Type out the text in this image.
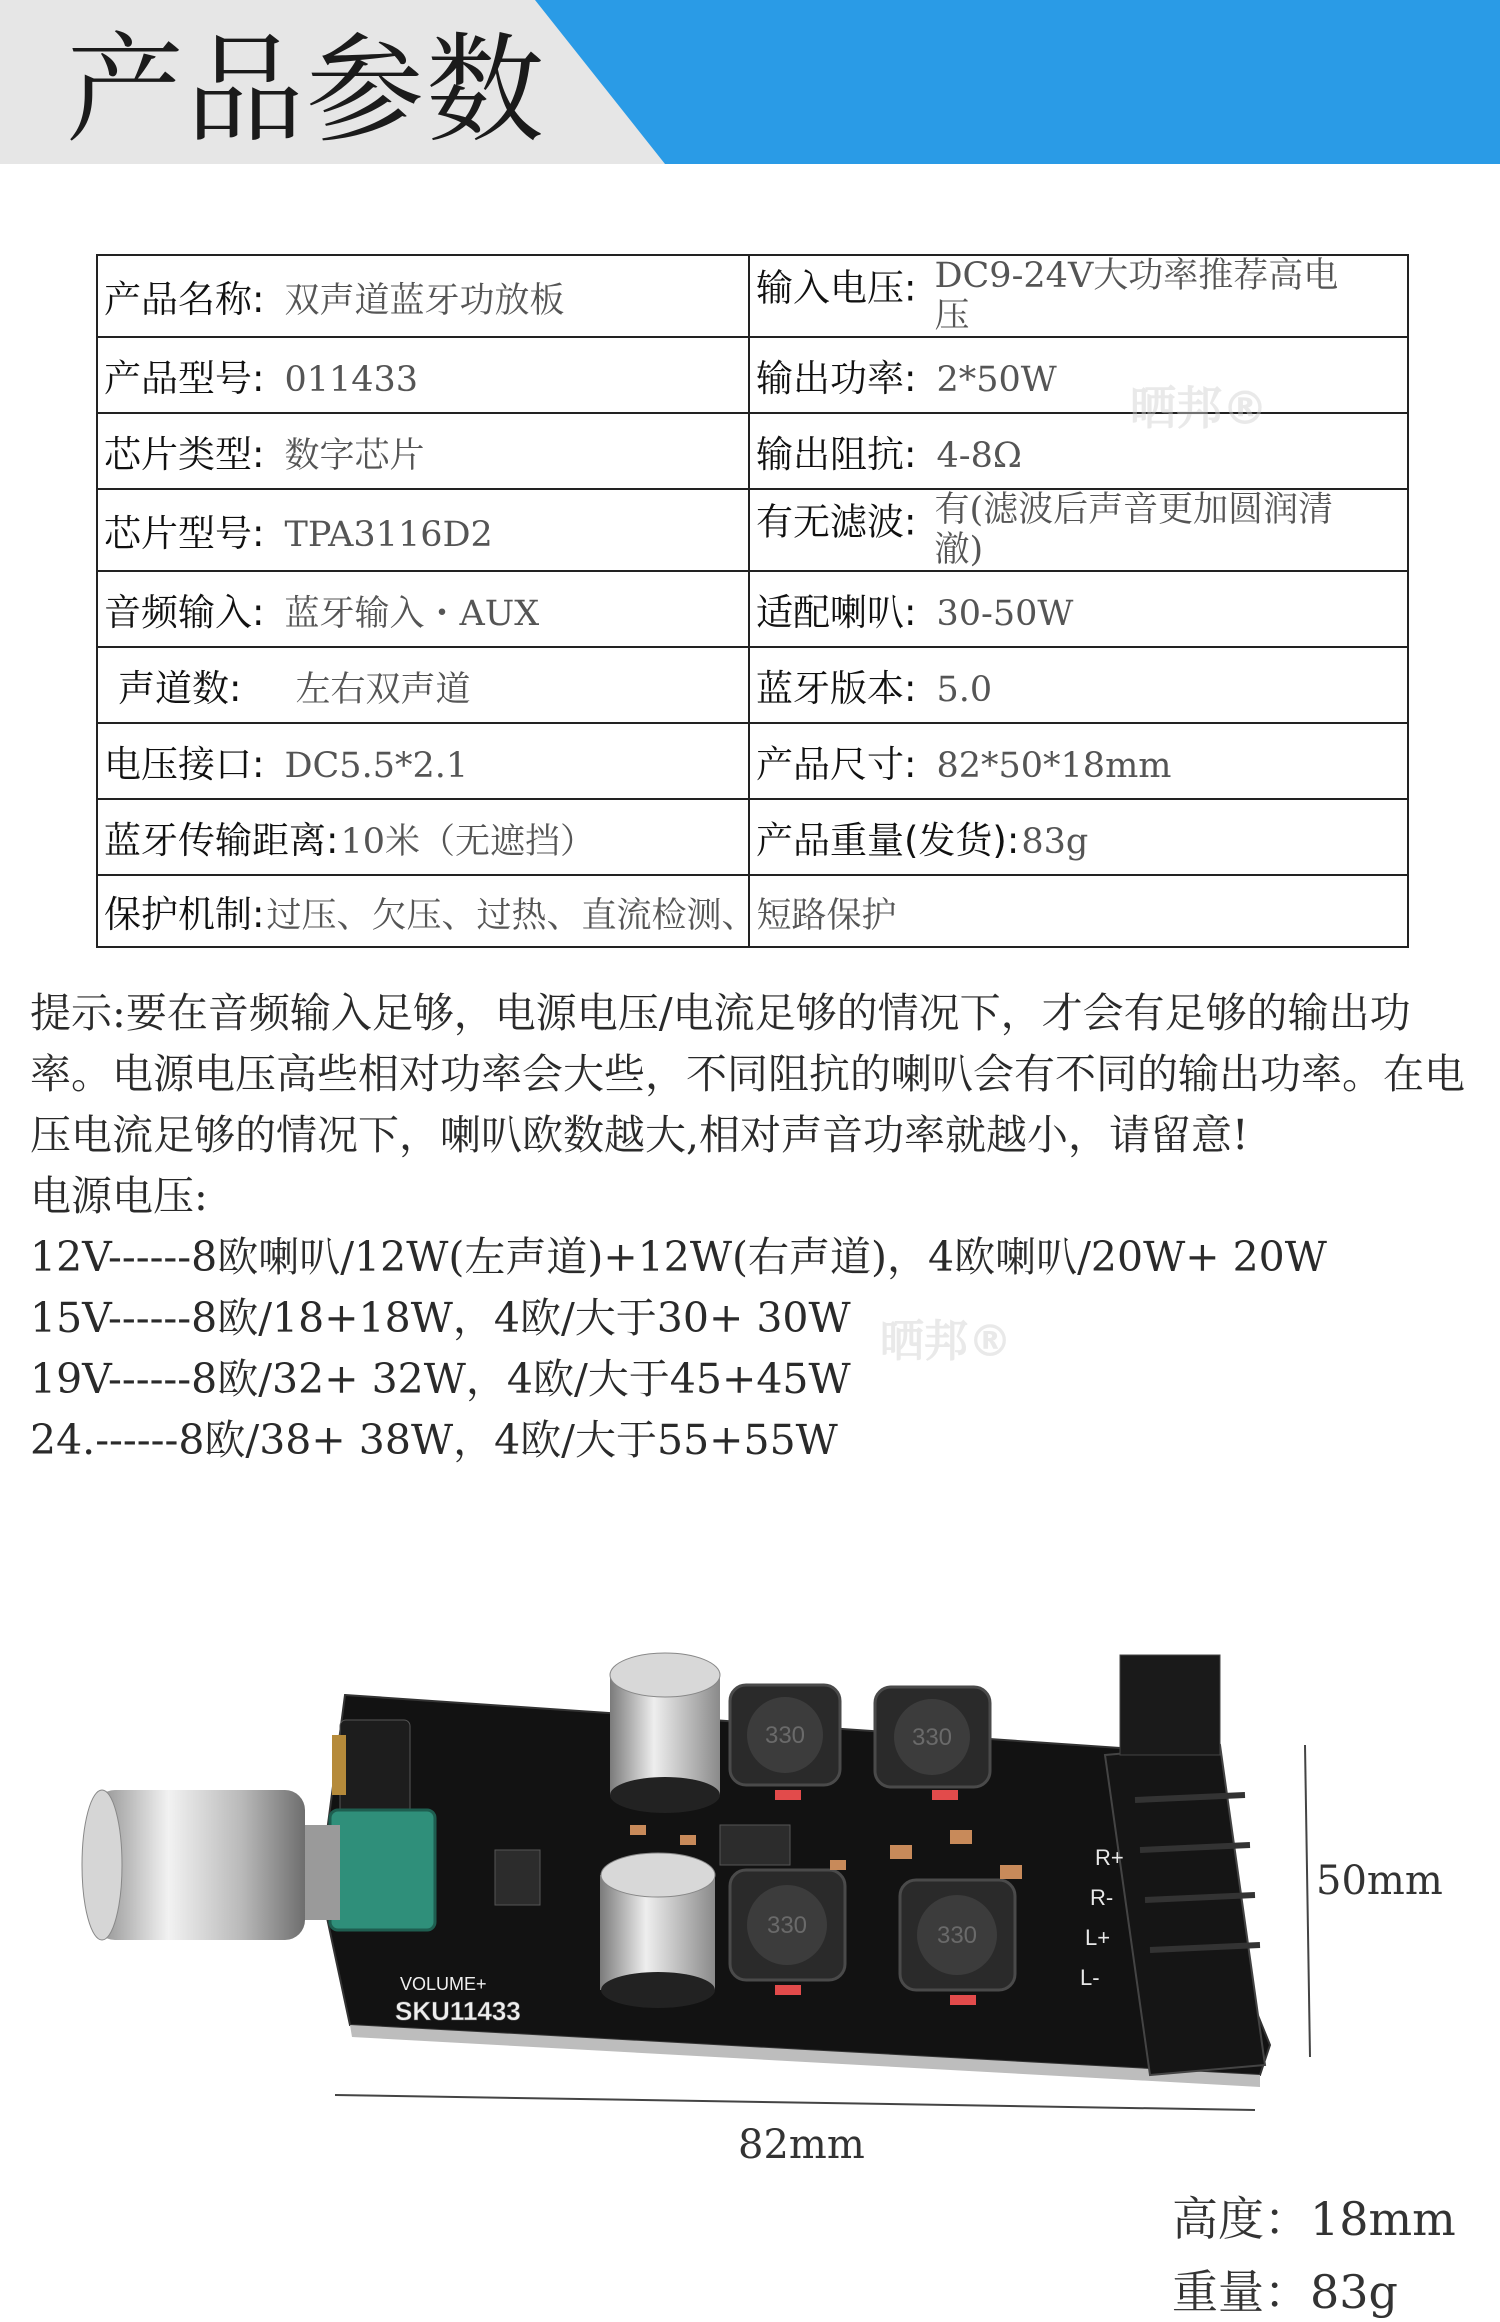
产品参数
产品名称: 双声道蓝牙功放板	输入电压: DC9-24V大功率推荐高电压
产品型号: 011433	输出功率: 2*50W
芯片类型: 数字芯片	输出阻抗: 4-8Ω
芯片型号: TPA3116D2	有无滤波: 有(滤波后声音更加圆润清澈)
音频输入: 蓝牙输入・AUX	适配喇叭: 30-50W
声道数: 左右双声道	蓝牙版本: 5.0
电压接口: DC5.5*2.1	产品尺寸: 82*50*18mm
蓝牙传输距离:10米（无遮挡）	产品重量(发货):83g
保护机制:过压、欠压、过热、直流检测、短路保护	
晒邦®

提示:要在音频输入足够，电源电压/电流足够的情况下，才会有足够的输出功率。电源电压高些相对功率会大些，不同阻抗的喇叭会有不同的输出功率。在电压电流足够的情况下，喇叭欧数越大,相对声音功率就越小，请留意!

电源电压:

12V------8欧喇叭/12W(左声道)+12W(右声道)，4欧喇叭/20W+ 20W

15V------8欧/18+18W，4欧/大于30+ 30W

19V------8欧/32+ 32W，4欧/大于45+45W

24.------8欧/38+ 38W，4欧/大于55+55W

SKU11433
VOLUME+	L-
L+
R-
R+
330	330
330	330
82mm
50mm
晒邦®
高度：18mm
重量：83g
